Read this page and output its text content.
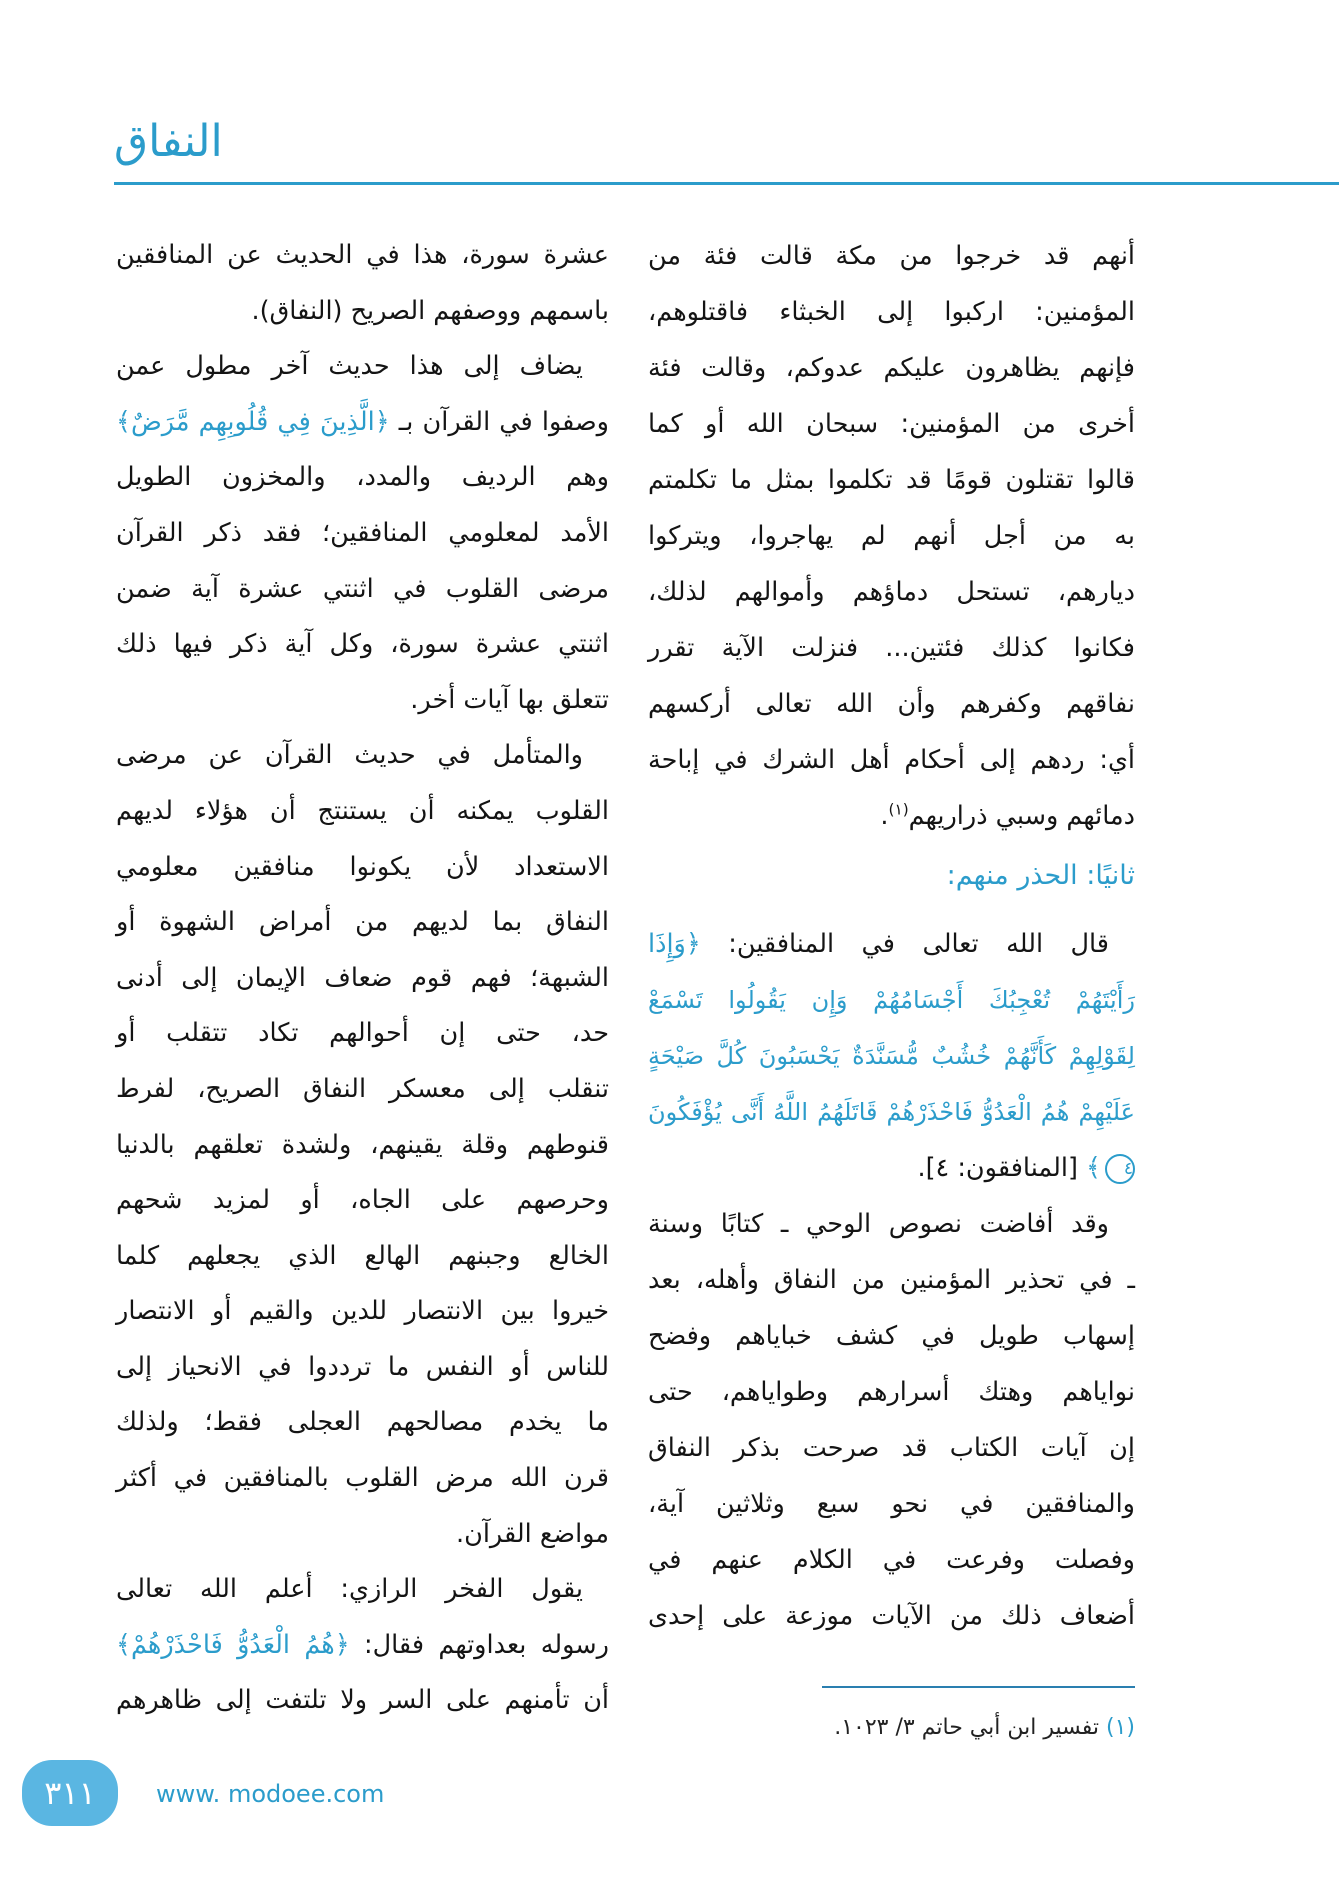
النفاق
أنهم قد خرجوا من مكة قالت فئة من
المؤمنين: اركبوا إلى الخبثاء فاقتلوهم،
فإنهم يظاهرون عليكم عدوكم، وقالت فئة
أخرى من المؤمنين: سبحان الله أو كما
قالوا تقتلون قومًا قد تكلموا بمثل ما تكلمتم
به من أجل أنهم لم يهاجروا، ويتركوا
ديارهم، تستحل دماؤهم وأموالهم لذلك،
فكانوا كذلك فئتين... فنزلت الآية تقرر
نفاقهم وكفرهم وأن الله تعالى أركسهم
أي: ردهم إلى أحكام أهل الشرك في إباحة
دمائهم وسبي ذراريهم$^{(١)}$.
ثانيًا: الحذر منهم:
قال الله تعالى في المنافقين: ﴿وَإِذَا
رَأَيْتَهُمْ تُعْجِبُكَ أَجْسَامُهُمْ وَإِن يَقُولُوا تَسْمَعْ
لِقَوْلِهِمْ كَأَنَّهُمْ خُشُبٌ مُّسَنَّدَةٌ يَحْسَبُونَ كُلَّ صَيْحَةٍ
عَلَيْهِمْ هُمُ الْعَدُوُّ فَاحْذَرْهُمْ قَاتَلَهُمُ اللَّهُ أَنَّى يُؤْفَكُونَ
٤﴾ [المنافقون: ٤].
وقد أفاضت نصوص الوحي ـ كتابًا وسنة
ـ في تحذير المؤمنين من النفاق وأهله، بعد
إسهاب طويل في كشف خباياهم وفضح
نواياهم وهتك أسرارهم وطواياهم، حتى
إن آيات الكتاب قد صرحت بذكر النفاق
والمنافقين في نحو سبع وثلاثين آية،
وفصلت وفرعت في الكلام عنهم في
أضعاف ذلك من الآيات موزعة على إحدى
عشرة سورة، هذا في الحديث عن المنافقين
باسمهم ووصفهم الصريح (النفاق).
يضاف إلى هذا حديث آخر مطول عمن
وصفوا في القرآن بـ ﴿الَّذِينَ فِي قُلُوبِهِم مَّرَضٌ﴾
وهم الرديف والمدد، والمخزون الطويل
الأمد لمعلومي المنافقين؛ فقد ذكر القرآن
مرضى القلوب في اثنتي عشرة آية ضمن
اثنتي عشرة سورة، وكل آية ذكر فيها ذلك
تتعلق بها آيات أخر.
والمتأمل في حديث القرآن عن مرضى
القلوب يمكنه أن يستنتج أن هؤلاء لديهم
الاستعداد لأن يكونوا منافقين معلومي
النفاق بما لديهم من أمراض الشهوة أو
الشبهة؛ فهم قوم ضعاف الإيمان إلى أدنى
حد، حتى إن أحوالهم تكاد تتقلب أو
تنقلب إلى معسكر النفاق الصريح، لفرط
قنوطهم وقلة يقينهم، ولشدة تعلقهم بالدنيا
وحرصهم على الجاه، أو لمزيد شحهم
الخالع وجبنهم الهالع الذي يجعلهم كلما
خيروا بين الانتصار للدين والقيم أو الانتصار
للناس أو النفس ما ترددوا في الانحياز إلى
ما يخدم مصالحهم العجلى فقط؛ ولذلك
قرن الله مرض القلوب بالمنافقين في أكثر
مواضع القرآن.
يقول الفخر الرازي: أعلم الله تعالى
رسوله بعداوتهم فقال: ﴿هُمُ الْعَدُوُّ فَاحْذَرْهُمْ﴾
أن تأمنهم على السر ولا تلتفت إلى ظاهرهم
(١) تفسير ابن أبي حاتم ٣/ ١٠٢٣.
٣١١	www. modoee.com
